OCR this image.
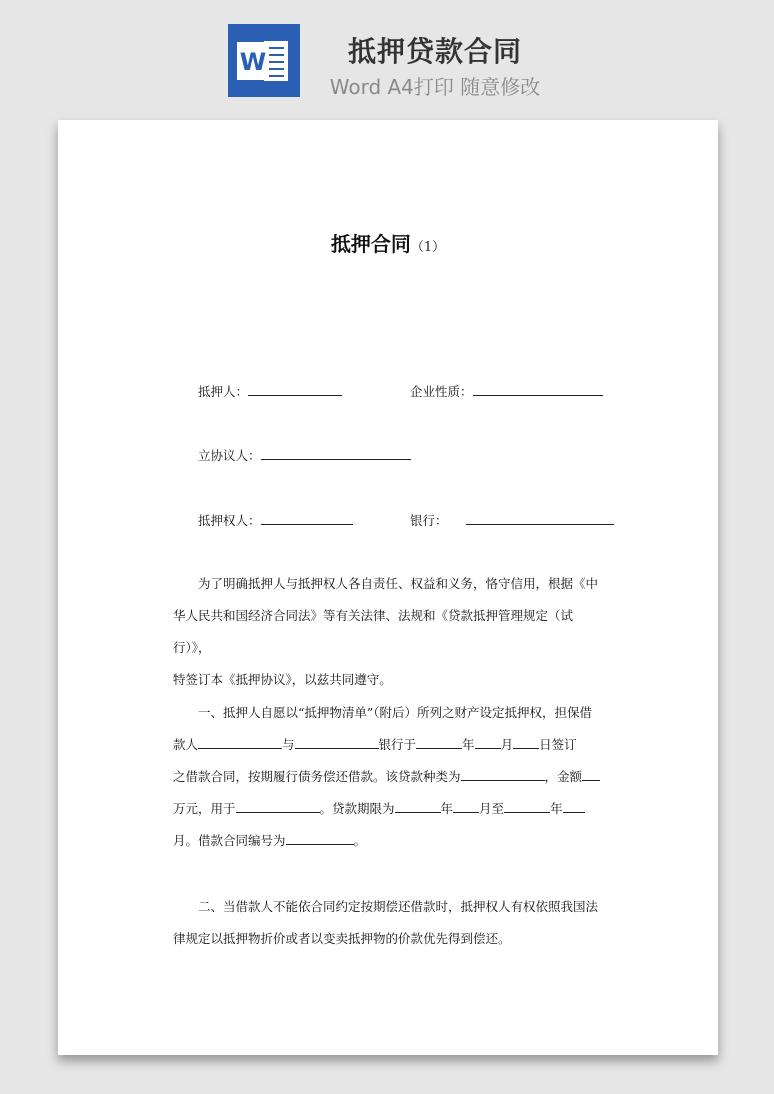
W	抵押贷款合同
Word A4打印 随意修改
抵押合同（1）
抵押人：	企业性质：
立协议人：
抵押权人：	银行：
为了明确抵押人与抵押权人各自责任、权益和义务，恪守信用，根据《中
华人民共和国经济合同法》等有关法律、法规和《贷款抵押管理规定（试行）》，
特签订本《抵押协议》，以兹共同遵守。
一、抵押人自愿以“抵押物清单”（附后）所列之财产设定抵押权，担保借
款人	与	银行于	年 月 日签订
之借款合同，按期履行债务偿还借款。该贷款种类为	，金额
万元，用于	。贷款期限为	年 月至	年
月。借款合同编号为	。
二、当借款人不能依合同约定按期偿还借款时，抵押权人有权依照我国法
律规定以抵押物折价或者以变卖抵押物的价款优先得到偿还。
